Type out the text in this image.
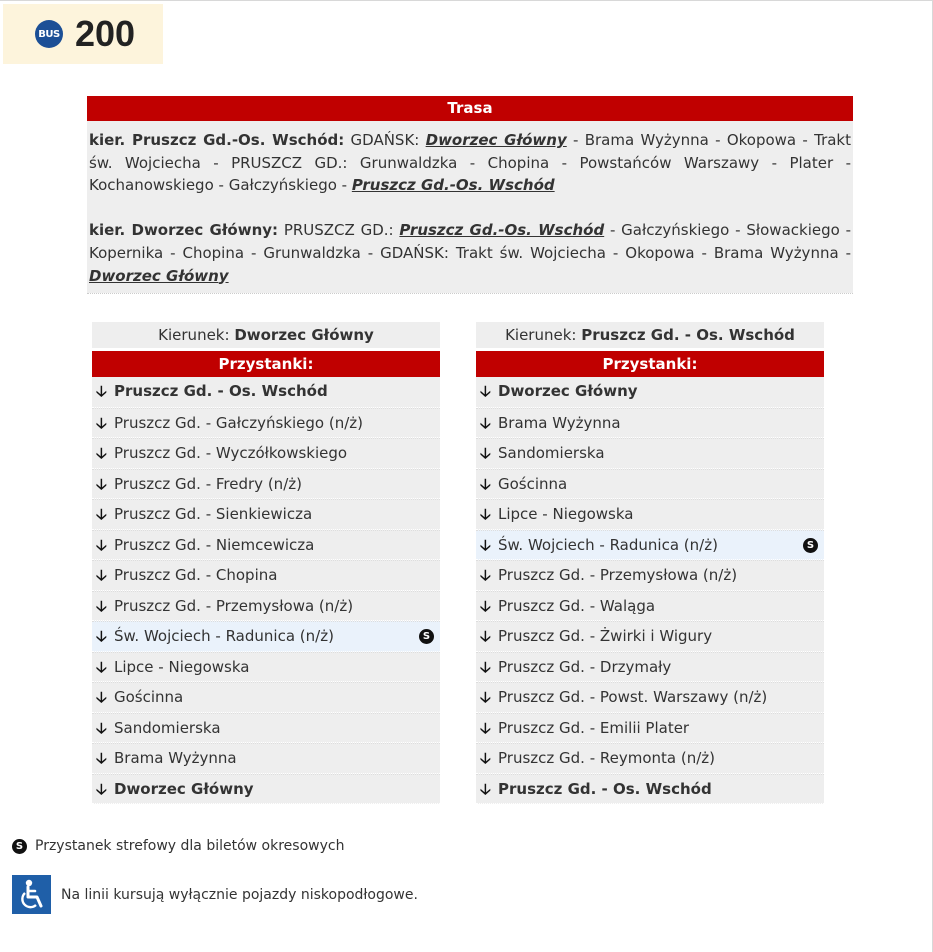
BUS 200
Trasa

kier. Pruszcz Gd.-Os. Wschód: GDAŃSK: Dworzec Główny - Brama Wyżynna - Okopowa - Trakt św. Wojciecha - PRUSZCZ GD.: Grunwaldzka - Chopina - Powstańców Warszawy - Plater - Kochanowskiego - Gałczyńskiego - Pruszcz Gd.-Os. Wschód

kier. Dworzec Główny: PRUSZCZ GD.: Pruszcz Gd.-Os. Wschód - Gałczyńskiego - Słowackiego - Kopernika - Chopina - Grunwaldzka - GDAŃSK: Trakt św. Wojciecha - Okopowa - Brama Wyżynna - Dworzec Główny

Kierunek: Dworzec Główny
Przystanki:
🡣 Pruszcz Gd. - Os. Wschód
🡣 Pruszcz Gd. - Gałczyńskiego (n/ż)
🡣 Pruszcz Gd. - Wyczółkowskiego
🡣 Pruszcz Gd. - Fredry (n/ż)
🡣 Pruszcz Gd. - Sienkiewicza
🡣 Pruszcz Gd. - Niemcewicza
🡣 Pruszcz Gd. - Chopina
🡣 Pruszcz Gd. - Przemysłowa (n/ż)
🡣 Św. Wojciech - Radunica (n/ż)	S
🡣 Lipce - Niegowska
🡣 Gościnna
🡣 Sandomierska
🡣 Brama Wyżynna
🡣 Dworzec Główny
Kierunek: Pruszcz Gd. - Os. Wschód
Przystanki:
🡣 Dworzec Główny
🡣 Brama Wyżynna
🡣 Sandomierska
🡣 Gościnna
🡣 Lipce - Niegowska
🡣 Św. Wojciech - Radunica (n/ż)	S
🡣 Pruszcz Gd. - Przemysłowa (n/ż)
🡣 Pruszcz Gd. - Waląga
🡣 Pruszcz Gd. - Żwirki i Wigury
🡣 Pruszcz Gd. - Drzymały
🡣 Pruszcz Gd. - Powst. Warszawy (n/ż)
🡣 Pruszcz Gd. - Emilii Plater
🡣 Pruszcz Gd. - Reymonta (n/ż)
🡣 Pruszcz Gd. - Os. Wschód
S Przystanek strefowy dla biletów okresowych
Na linii kursują wyłącznie pojazdy niskopodłogowe.
